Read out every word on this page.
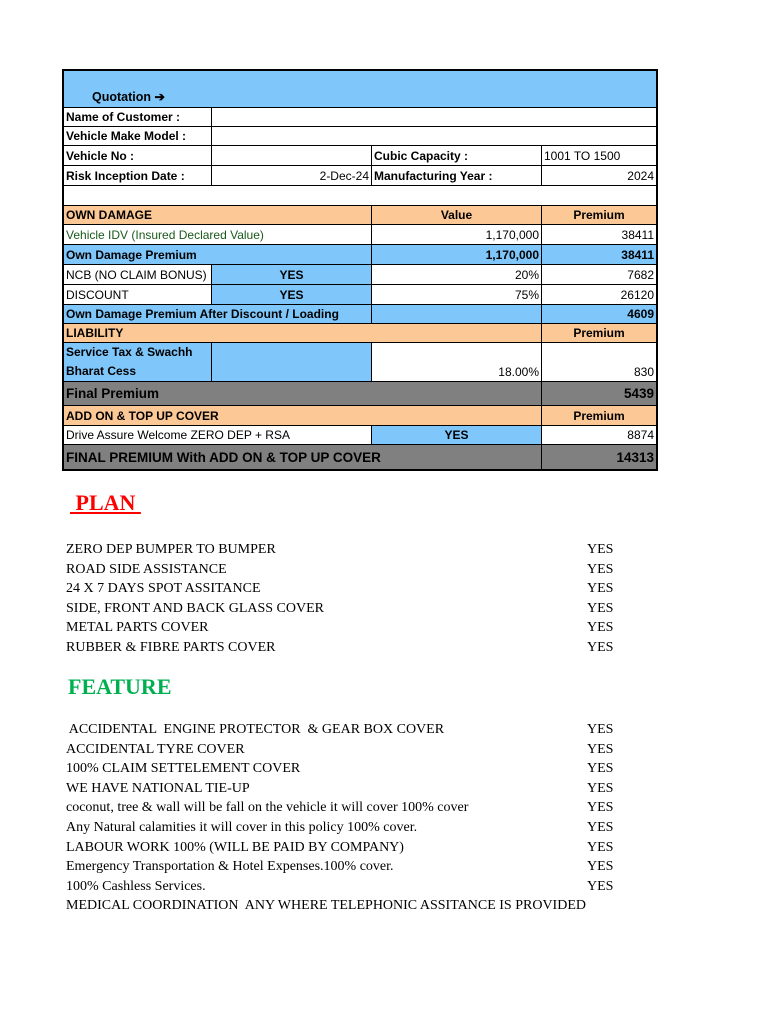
Quotation ➔
Name of Customer :
Vehicle Make Model :
Vehicle No :	Cubic Capacity :	1001 TO 1500
Risk Inception Date :	2-Dec-24 Manufacturing Year :	2024
OWN DAMAGE	Value	Premium
Vehicle IDV (Insured Declared Value)	1,170,000	38411
Own Damage Premium	1,170,000	38411
NCB (NO CLAIM BONUS)	YES	20%	7682
DISCOUNT	YES	75%	26120
Own Damage Premium After Discount / Loading	4609
LIABILITY	Premium
Service Tax & Swachh
Bharat Cess	18.00%	830
Final Premium	5439
ADD ON & TOP UP COVER	Premium
Drive Assure Welcome ZERO DEP + RSA	YES	8874
FINAL PREMIUM With ADD ON & TOP UP COVER	14313
PLAN
ZERO DEP BUMPER TO BUMPER	YES
ROAD SIDE ASSISTANCE	YES
24 X 7 DAYS SPOT ASSITANCE	YES
SIDE, FRONT AND BACK GLASS COVER	YES
METAL PARTS COVER	YES
RUBBER & FIBRE PARTS COVER	YES
FEATURE
ACCIDENTAL  ENGINE PROTECTOR  & GEAR BOX COVER	YES
ACCIDENTAL TYRE COVER	YES
100% CLAIM SETTELEMENT COVER	YES
WE HAVE NATIONAL TIE-UP	YES
coconut, tree & wall will be fall on the vehicle it will cover 100% cover	YES
Any Natural calamities it will cover in this policy 100% cover.	YES
LABOUR WORK 100% (WILL BE PAID BY COMPANY)	YES
Emergency Transportation & Hotel Expenses.100% cover.	YES
100% Cashless Services.	YES
MEDICAL COORDINATION  ANY WHERE TELEPHONIC ASSITANCE IS PROVIDED
